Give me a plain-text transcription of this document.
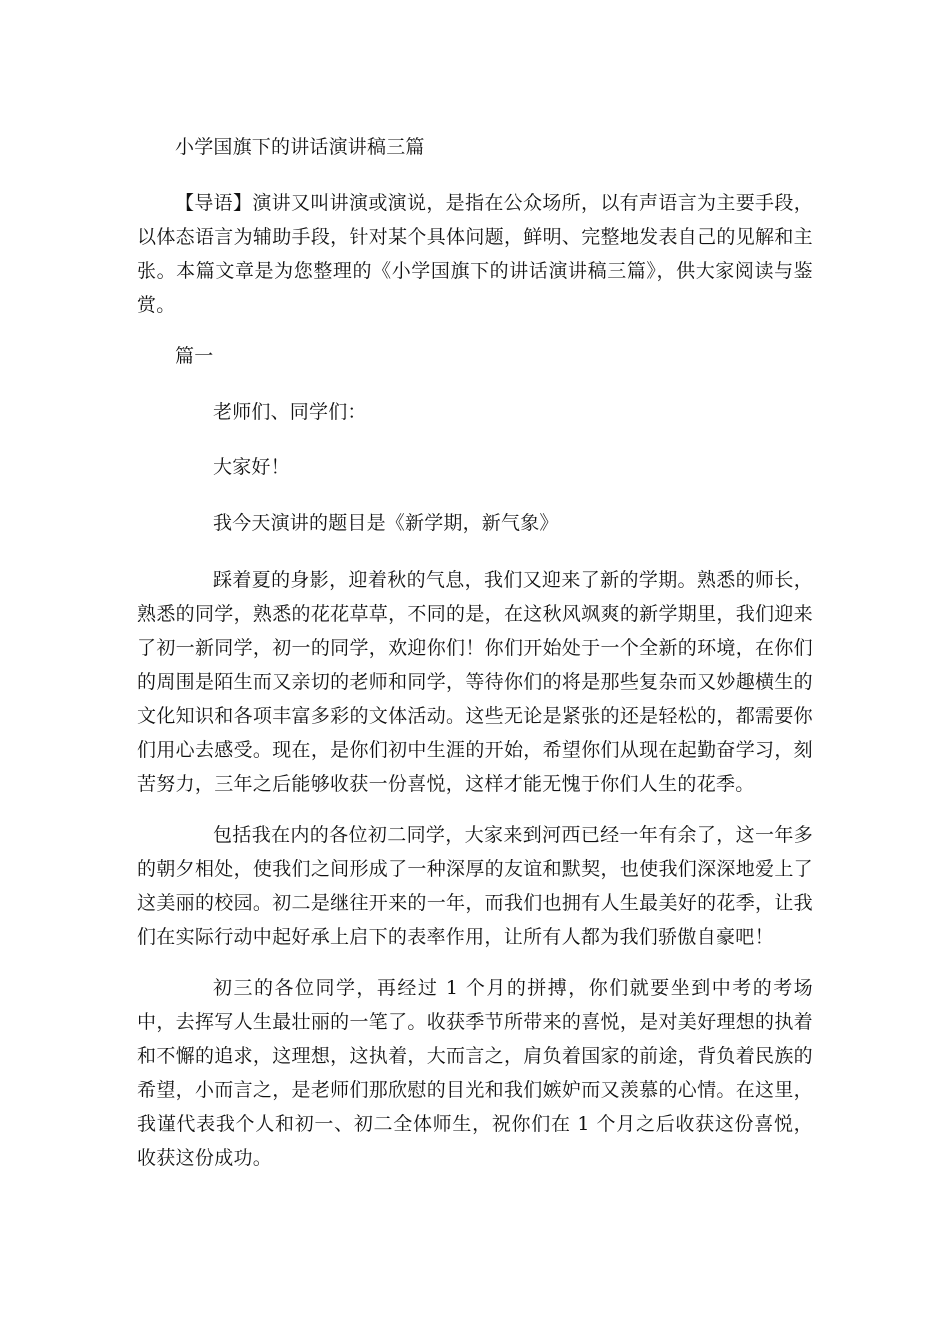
小学国旗下的讲话演讲稿三篇

【导语】演讲又叫讲演或演说，是指在公众场所，以有声语言为主要手段，以体态语言为辅助手段，针对某个具体问题，鲜明、完整地发表自己的见解和主张。本篇文章是为您整理的《小学国旗下的讲话演讲稿三篇》，供大家阅读与鉴赏。

篇一

老师们、同学们：

大家好！

我今天演讲的题目是《新学期，新气象》

踩着夏的身影，迎着秋的气息，我们又迎来了新的学期。熟悉的师长，熟悉的同学，熟悉的花花草草，不同的是，在这秋风飒爽的新学期里，我们迎来了初一新同学，初一的同学，欢迎你们！你们开始处于一个全新的环境，在你们的周围是陌生而又亲切的老师和同学，等待你们的将是那些复杂而又妙趣横生的文化知识和各项丰富多彩的文体活动。这些无论是紧张的还是轻松的，都需要你们用心去感受。现在，是你们初中生涯的开始，希望你们从现在起勤奋学习，刻苦努力，三年之后能够收获一份喜悦，这样才能无愧于你们人生的花季。

包括我在内的各位初二同学，大家来到河西已经一年有余了，这一年多的朝夕相处，使我们之间形成了一种深厚的友谊和默契，也使我们深深地爱上了这美丽的校园。初二是继往开来的一年，而我们也拥有人生最美好的花季，让我们在实际行动中起好承上启下的表率作用，让所有人都为我们骄傲自豪吧！

初三的各位同学，再经过 1 个月的拼搏，你们就要坐到中考的考场中，去挥写人生最壮丽的一笔了。收获季节所带来的喜悦，是对美好理想的执着和不懈的追求，这理想，这执着，大而言之，肩负着国家的前途，背负着民族的希望，小而言之，是老师们那欣慰的目光和我们嫉妒而又羡慕的心情。在这里，我谨代表我个人和初一、初二全体师生，祝你们在 1 个月之后收获这份喜悦，收获这份成功。
